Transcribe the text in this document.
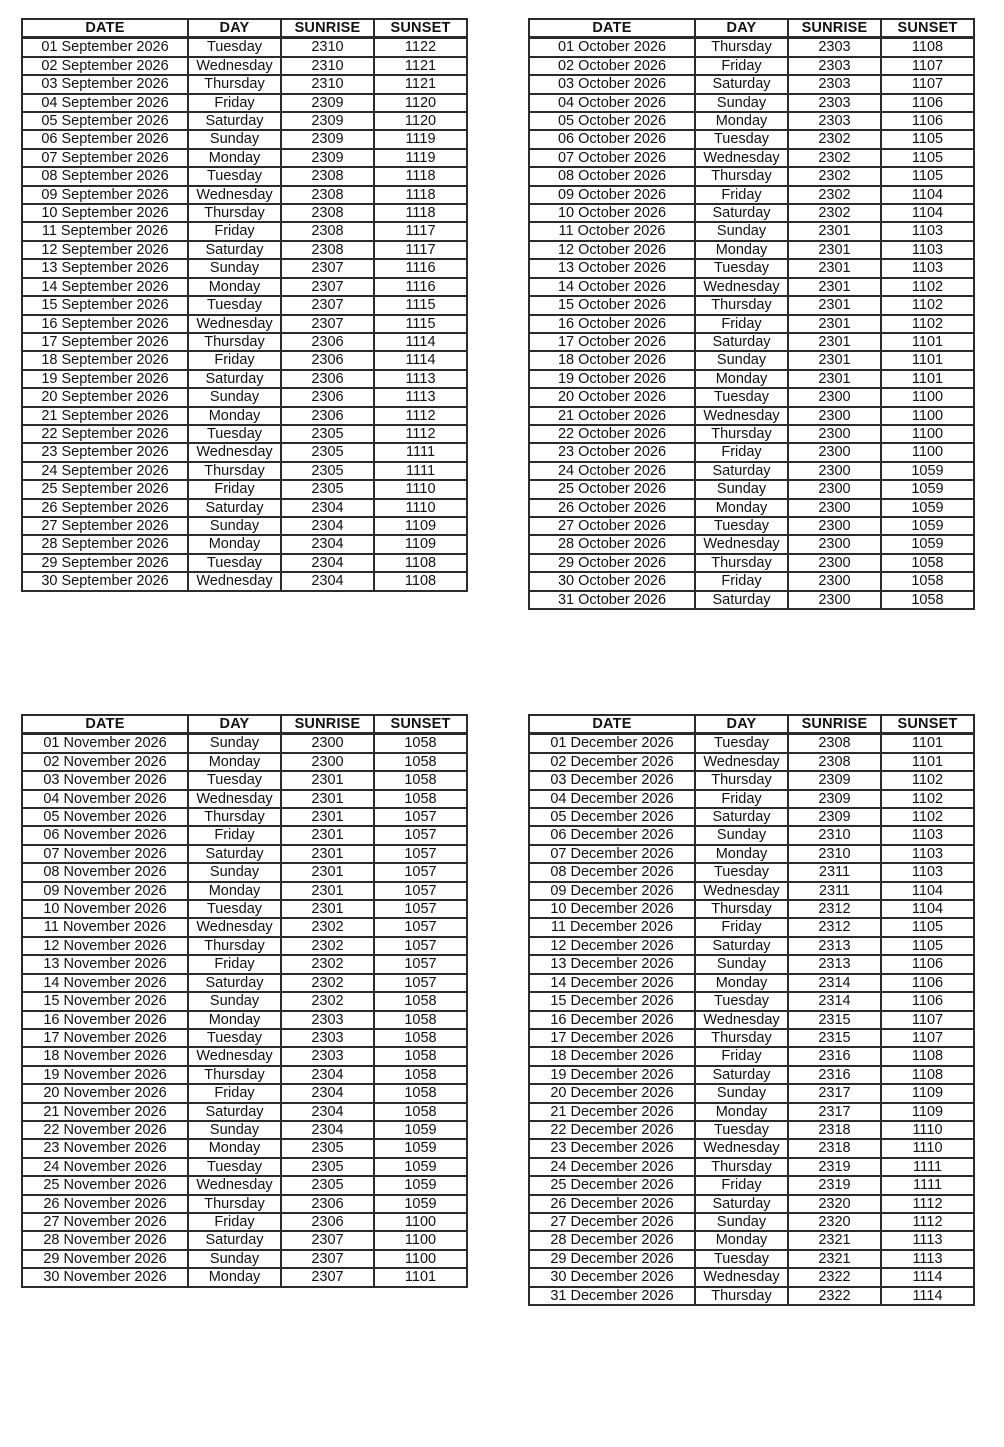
DATE	DAY	SUNRISE	SUNSET
01 September 2026	Tuesday	2310	1122
02 September 2026	Wednesday	2310	1121
03 September 2026	Thursday	2310	1121
04 September 2026	Friday	2309	1120
05 September 2026	Saturday	2309	1120
06 September 2026	Sunday	2309	1119
07 September 2026	Monday	2309	1119
08 September 2026	Tuesday	2308	1118
09 September 2026	Wednesday	2308	1118
10 September 2026	Thursday	2308	1118
11 September 2026	Friday	2308	1117
12 September 2026	Saturday	2308	1117
13 September 2026	Sunday	2307	1116
14 September 2026	Monday	2307	1116
15 September 2026	Tuesday	2307	1115
16 September 2026	Wednesday	2307	1115
17 September 2026	Thursday	2306	1114
18 September 2026	Friday	2306	1114
19 September 2026	Saturday	2306	1113
20 September 2026	Sunday	2306	1113
21 September 2026	Monday	2306	1112
22 September 2026	Tuesday	2305	1112
23 September 2026	Wednesday	2305	1111
24 September 2026	Thursday	2305	1111
25 September 2026	Friday	2305	1110
26 September 2026	Saturday	2304	1110
27 September 2026	Sunday	2304	1109
28 September 2026	Monday	2304	1109
29 September 2026	Tuesday	2304	1108
30 September 2026	Wednesday	2304	1108
DATE	DAY	SUNRISE	SUNSET
01 October 2026	Thursday	2303	1108
02 October 2026	Friday	2303	1107
03 October 2026	Saturday	2303	1107
04 October 2026	Sunday	2303	1106
05 October 2026	Monday	2303	1106
06 October 2026	Tuesday	2302	1105
07 October 2026	Wednesday	2302	1105
08 October 2026	Thursday	2302	1105
09 October 2026	Friday	2302	1104
10 October 2026	Saturday	2302	1104
11 October 2026	Sunday	2301	1103
12 October 2026	Monday	2301	1103
13 October 2026	Tuesday	2301	1103
14 October 2026	Wednesday	2301	1102
15 October 2026	Thursday	2301	1102
16 October 2026	Friday	2301	1102
17 October 2026	Saturday	2301	1101
18 October 2026	Sunday	2301	1101
19 October 2026	Monday	2301	1101
20 October 2026	Tuesday	2300	1100
21 October 2026	Wednesday	2300	1100
22 October 2026	Thursday	2300	1100
23 October 2026	Friday	2300	1100
24 October 2026	Saturday	2300	1059
25 October 2026	Sunday	2300	1059
26 October 2026	Monday	2300	1059
27 October 2026	Tuesday	2300	1059
28 October 2026	Wednesday	2300	1059
29 October 2026	Thursday	2300	1058
30 October 2026	Friday	2300	1058
31 October 2026	Saturday	2300	1058
DATE	DAY	SUNRISE	SUNSET
01 November 2026	Sunday	2300	1058
02 November 2026	Monday	2300	1058
03 November 2026	Tuesday	2301	1058
04 November 2026	Wednesday	2301	1058
05 November 2026	Thursday	2301	1057
06 November 2026	Friday	2301	1057
07 November 2026	Saturday	2301	1057
08 November 2026	Sunday	2301	1057
09 November 2026	Monday	2301	1057
10 November 2026	Tuesday	2301	1057
11 November 2026	Wednesday	2302	1057
12 November 2026	Thursday	2302	1057
13 November 2026	Friday	2302	1057
14 November 2026	Saturday	2302	1057
15 November 2026	Sunday	2302	1058
16 November 2026	Monday	2303	1058
17 November 2026	Tuesday	2303	1058
18 November 2026	Wednesday	2303	1058
19 November 2026	Thursday	2304	1058
20 November 2026	Friday	2304	1058
21 November 2026	Saturday	2304	1058
22 November 2026	Sunday	2304	1059
23 November 2026	Monday	2305	1059
24 November 2026	Tuesday	2305	1059
25 November 2026	Wednesday	2305	1059
26 November 2026	Thursday	2306	1059
27 November 2026	Friday	2306	1100
28 November 2026	Saturday	2307	1100
29 November 2026	Sunday	2307	1100
30 November 2026	Monday	2307	1101
DATE	DAY	SUNRISE	SUNSET
01 December 2026	Tuesday	2308	1101
02 December 2026	Wednesday	2308	1101
03 December 2026	Thursday	2309	1102
04 December 2026	Friday	2309	1102
05 December 2026	Saturday	2309	1102
06 December 2026	Sunday	2310	1103
07 December 2026	Monday	2310	1103
08 December 2026	Tuesday	2311	1103
09 December 2026	Wednesday	2311	1104
10 December 2026	Thursday	2312	1104
11 December 2026	Friday	2312	1105
12 December 2026	Saturday	2313	1105
13 December 2026	Sunday	2313	1106
14 December 2026	Monday	2314	1106
15 December 2026	Tuesday	2314	1106
16 December 2026	Wednesday	2315	1107
17 December 2026	Thursday	2315	1107
18 December 2026	Friday	2316	1108
19 December 2026	Saturday	2316	1108
20 December 2026	Sunday	2317	1109
21 December 2026	Monday	2317	1109
22 December 2026	Tuesday	2318	1110
23 December 2026	Wednesday	2318	1110
24 December 2026	Thursday	2319	1111
25 December 2026	Friday	2319	1111
26 December 2026	Saturday	2320	1112
27 December 2026	Sunday	2320	1112
28 December 2026	Monday	2321	1113
29 December 2026	Tuesday	2321	1113
30 December 2026	Wednesday	2322	1114
31 December 2026	Thursday	2322	1114
